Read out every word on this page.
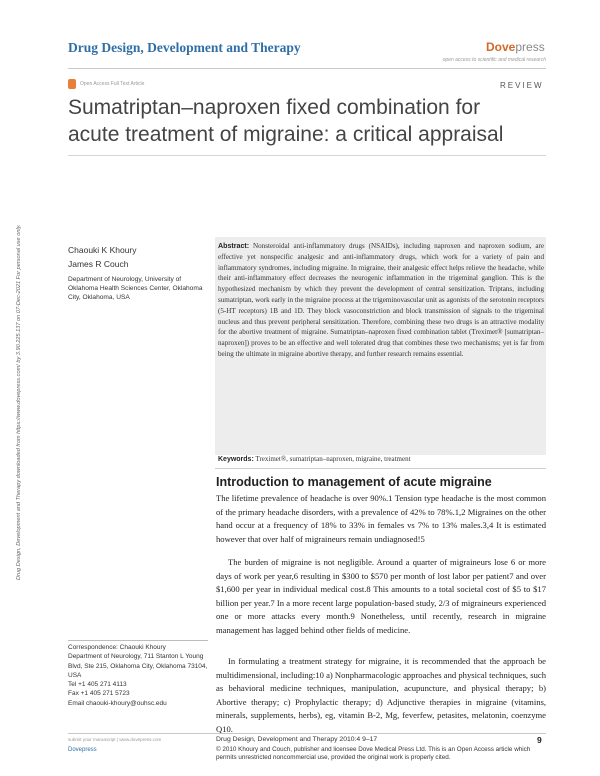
Drug Design, Development and Therapy	Dovepress
open access to scientific and medical research
Open Access Full Text Article	REVIEW
Sumatriptan–naproxen fixed combination for
acute treatment of migraine: a critical appraisal
Drug Design, Development and Therapy downloaded from https://www.dovepress.com/ by 3.90.225.137 on 07-Dec-2021 For personal use only.	Chaouki K Khoury
James R Couch
Department of Neurology, University of Oklahoma Health Sciences Center, Oklahoma City, Oklahoma, USA
Abstract: Nonsteroidal anti-inflammatory drugs (NSAIDs), including naproxen and naproxen sodium, are effective yet nonspecific analgesic and anti-inflammatory drugs, which work for a variety of pain and inflammatory syndromes, including migraine. In migraine, their analgesic effect helps relieve the headache, while their anti-inflammatory effect decreases the neurogenic inflammation in the trigeminal ganglion. This is the hypothesized mechanism by which they prevent the development of central sensitization. Triptans, including sumatriptan, work early in the migraine process at the trigeminovascular unit as agonists of the serotonin receptors (5-HT receptors) 1B and 1D. They block vasoconstriction and block transmission of signals to the trigeminal nucleus and thus prevent peripheral sensitization. Therefore, combining these two drugs is an attractive modality for the abortive treatment of migraine. Sumatriptan–naproxen fixed combination tablet (Treximet® [sumatriptan–naproxen]) proves to be an effective and well tolerated drug that combines these two mechanisms; yet is far from being the ultimate in migraine abortive therapy, and further research remains essential.
Keywords: Treximet®, sumatriptan–naproxen, migraine, treatment
Introduction to management of acute migraine
The lifetime prevalence of headache is over 90%.1 Tension type headache is the most common of the primary headache disorders, with a prevalence of 42% to 78%.1,2 Migraines on the other hand occur at a frequency of 18% to 33% in females vs 7% to 13% males.3,4 It is estimated however that over half of migraineurs remain undiagnosed!5
The burden of migraine is not negligible. Around a quarter of migraineurs lose 6 or more days of work per year,6 resulting in $300 to $570 per month of lost labor per patient7 and over $1,600 per year in individual medical cost.8 This amounts to a total societal cost of $5 to $17 billion per year.7 In a more recent large population-based study, 2/3 of migraineurs experienced one or more attacks every month.9 Nonetheless, until recently, research in migraine management has lagged behind other fields of medicine.
In formulating a treatment strategy for migraine, it is recommended that the approach be multidimensional, including:10 a) Nonpharmacologic approaches and physical techniques, such as behavioral medicine techniques, manipulation, acupuncture, and physical therapy; b) Abortive therapy; c) Prophylactic therapy; d) Adjunctive therapies in migraine (vitamins, minerals, supplements, herbs), eg, vitamin B-2, Mg, feverfew, petasites, melatonin, coenzyme Q10.
Correspondence: Chaouki Khoury
Department of Neurology, 711 Stanton L Young Blvd, Ste 215, Oklahoma City, Oklahoma 73104, USA
Tel +1 405 271 4113
Fax +1 405 271 5723
Email chaouki-khoury@ouhsc.edu
submit your manuscript | www.dovepress.com
Dovepress
Drug Design, Development and Therapy 2010:4 9–17	9
© 2010 Khoury and Couch, publisher and licensee Dove Medical Press Ltd. This is an Open Access article which permits unrestricted noncommercial use, provided the original work is properly cited.
